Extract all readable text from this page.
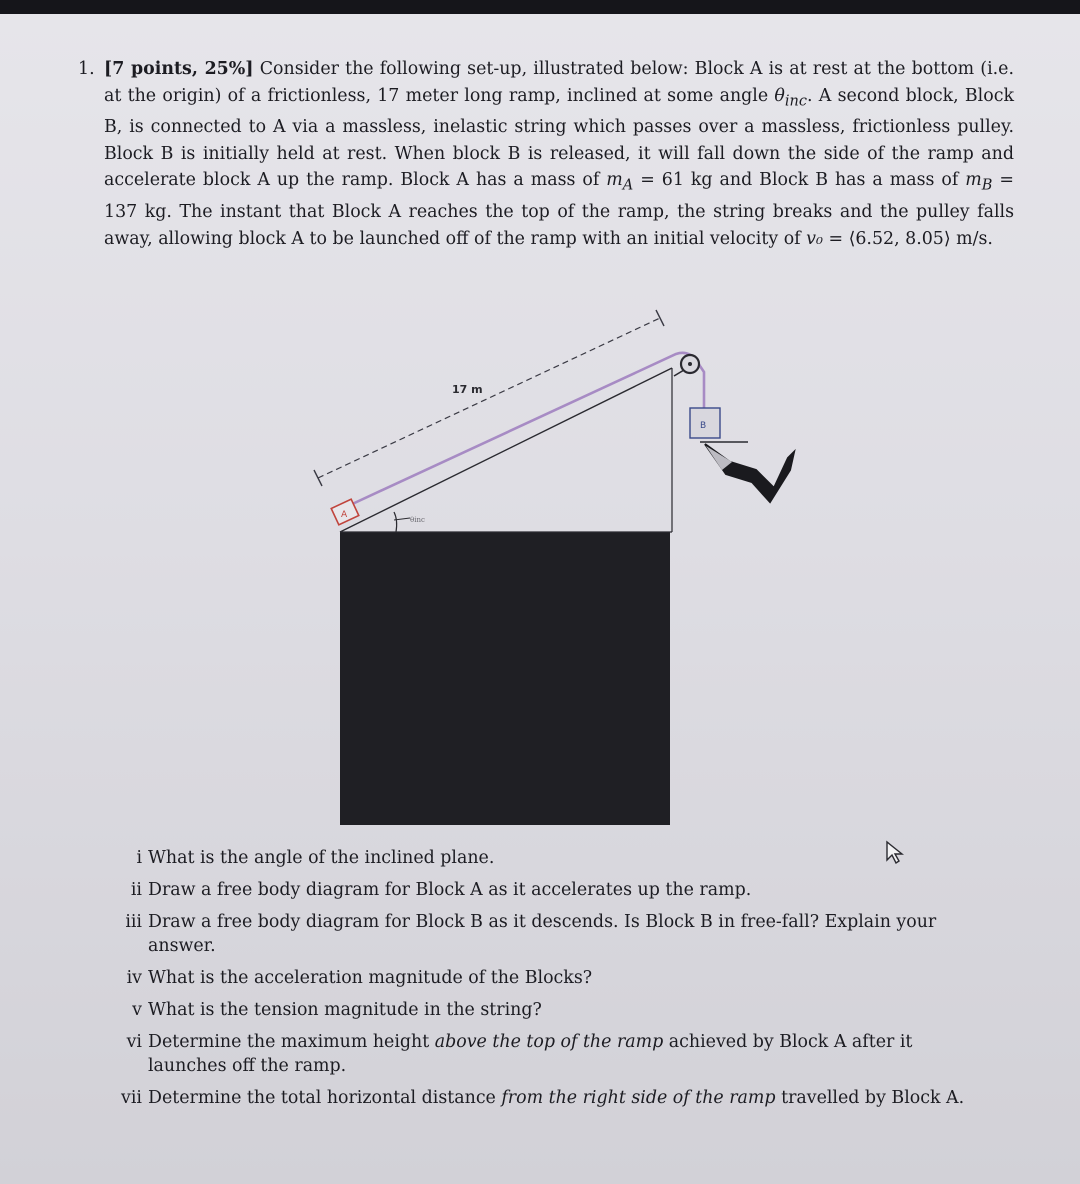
1. [7 points, 25%] Consider the following set-up, illustrated below: Block A is at rest at the bottom (i.e. at the origin) of a frictionless, 17 meter long ramp, inclined at some angle $\theta_{inc}$. A second block, Block B, is connected to A via a massless, inelastic string which passes over a massless, frictionless pulley. Block B is initially held at rest. When block B is released, it will fall down the side of the ramp and accelerate block A up the ramp. Block A has a mass of $m_A = 61$ kg and Block B has a mass of $m_B = 137$ kg. The instant that Block A reaches the top of the ramp, the string breaks and the pulley falls away, allowing block A to be launched off of the ramp with an initial velocity of v₀ = ⟨6.52, 8.05⟩ m/s.
17 m
θinc
A
B
i What is the angle of the inclined plane.
ii Draw a free body diagram for Block A as it accelerates up the ramp.
iii Draw a free body diagram for Block B as it descends. Is Block B in free-fall? Explain your answer.
iv What is the acceleration magnitude of the Blocks?
v What is the tension magnitude in the string?
vi Determine the maximum height above the top of the ramp achieved by Block A after it launches off the ramp.
vii Determine the total horizontal distance from the right side of the ramp travelled by Block A.
